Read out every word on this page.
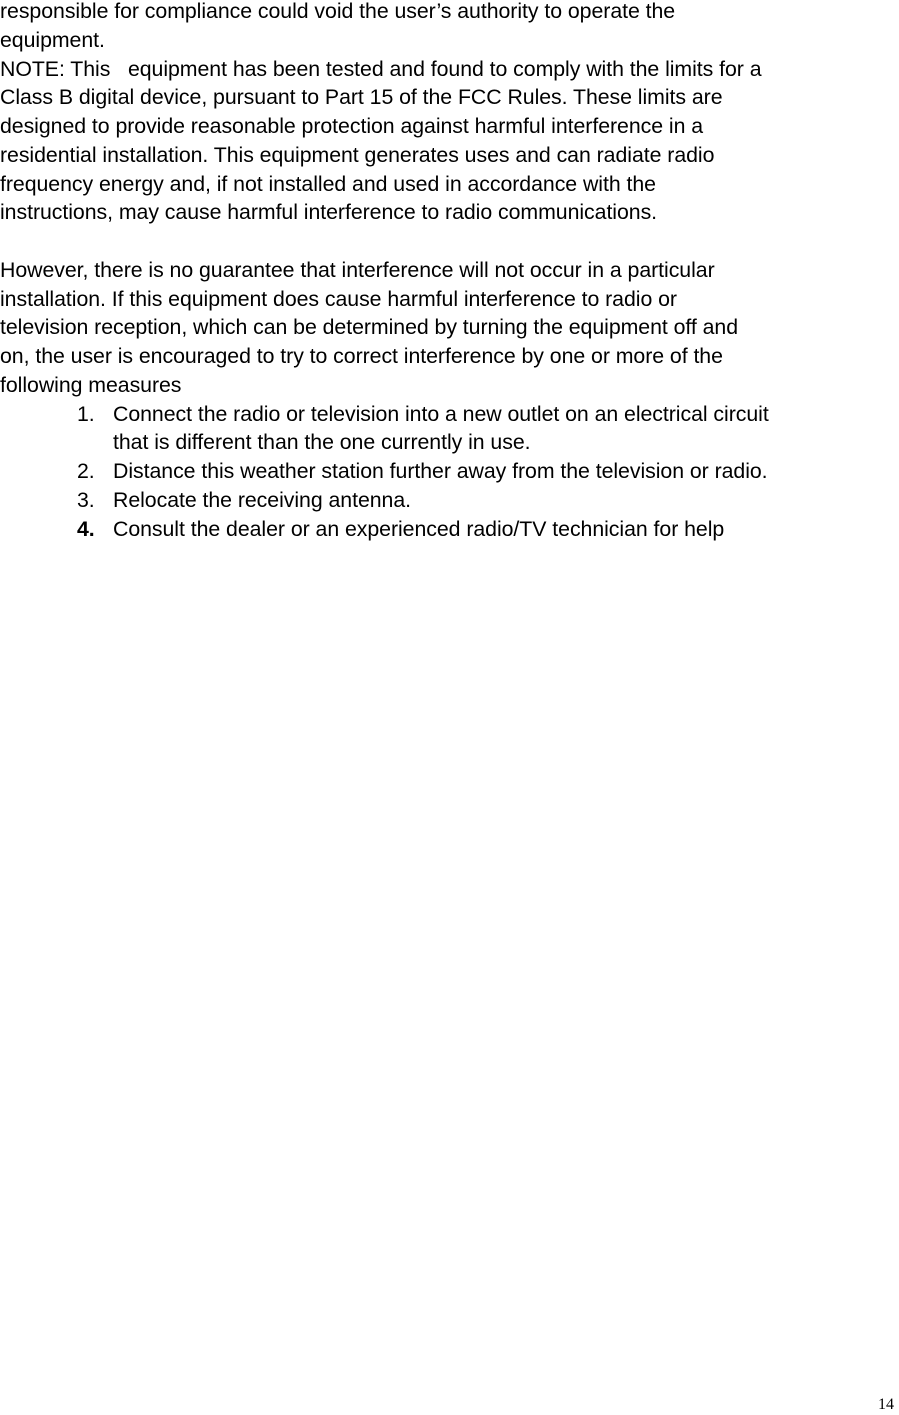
responsible for compliance could void the user’s authority to operate the
equipment.
NOTE: This   equipment has been tested and found to comply with the limits for a
Class B digital device, pursuant to Part 15 of the FCC Rules. These limits are
designed to provide reasonable protection against harmful interference in a
residential installation. This equipment generates uses and can radiate radio
frequency energy and, if not installed and used in accordance with the
instructions, may cause harmful interference to radio communications.
However, there is no guarantee that interference will not occur in a particular
installation. If this equipment does cause harmful interference to radio or
television reception, which can be determined by turning the equipment off and
on, the user is encouraged to try to correct interference by one or more of the
following measures
1. Connect the radio or television into a new outlet on an electrical circuit
that is different than the one currently in use.
2. Distance this weather station further away from the television or radio.
3. Relocate the receiving antenna.
4. Consult the dealer or an experienced radio/TV technician for help
14
